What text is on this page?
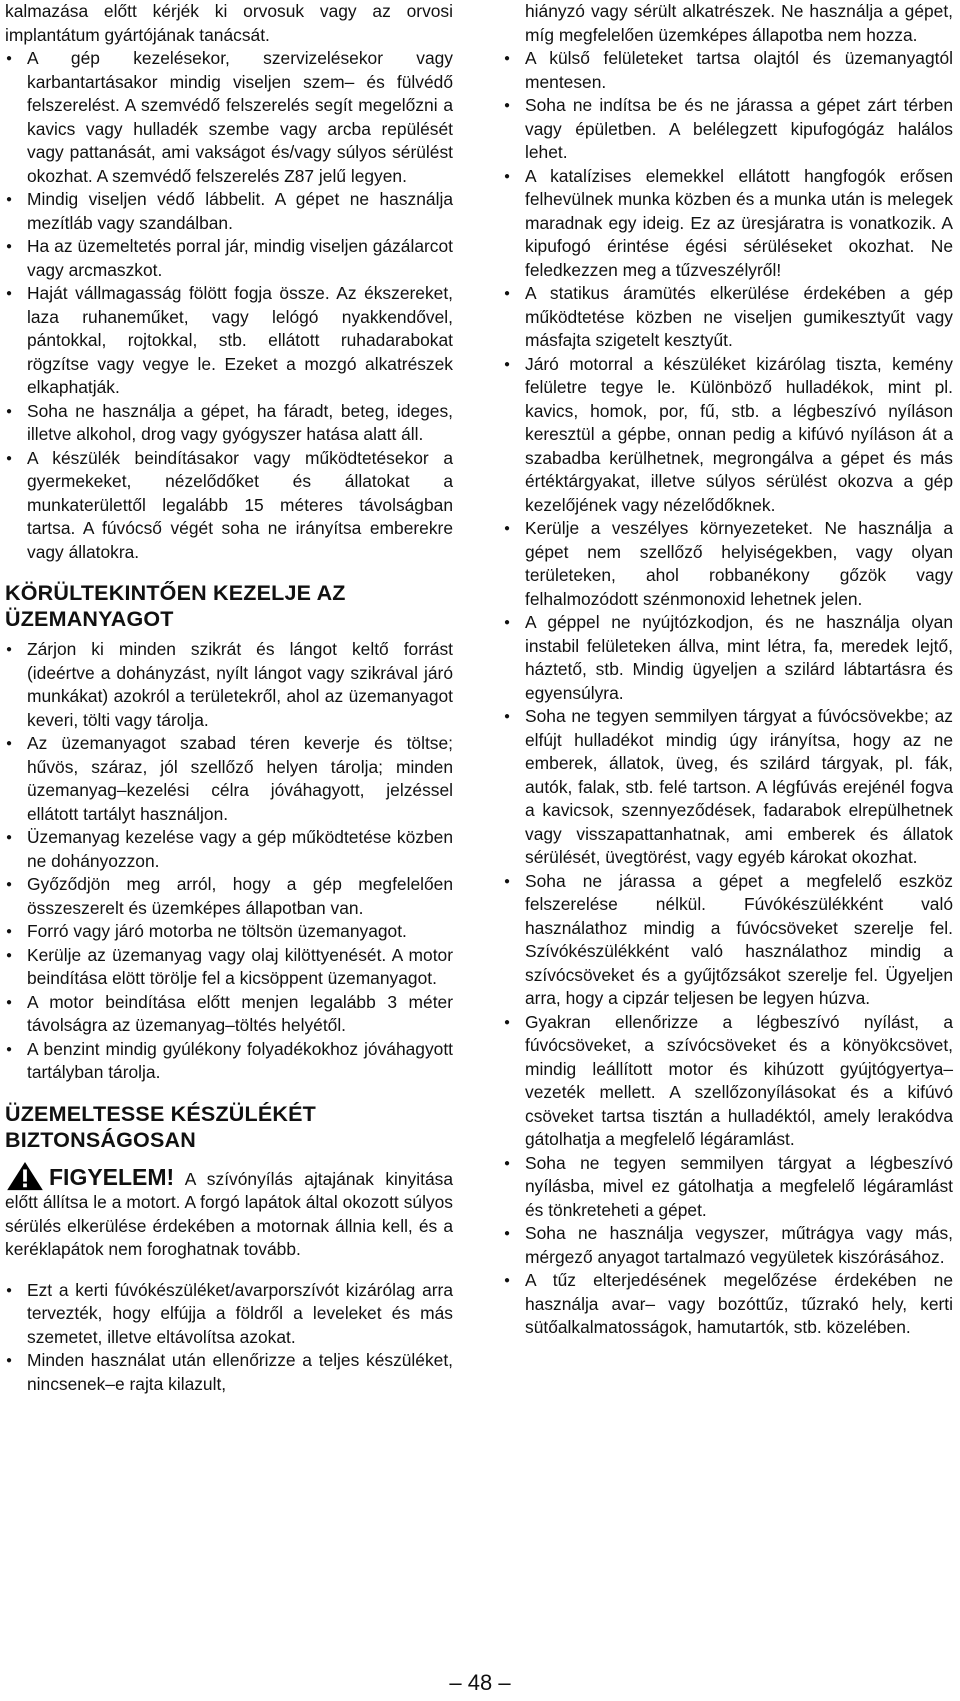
kalmazása előtt kérjék ki orvosuk vagy az orvosi implantátum gyártójának tanácsát.

● A gép kezelésekor, szervizelésekor vagy karbantartásakor mindig viseljen szem– és fülvédő felszerelést. A szemvédő felszerelés segít megelőzni a kavics vagy hulladék szembe vagy arcba repülését vagy pattanását, ami vakságot és/vagy súlyos sérülést okozhat. A szemvédő felszerelés Z87 jelű legyen.

● Mindig viseljen védő lábbelit. A gépet ne használja mezítláb vagy szandálban.

● Ha az üzemeltetés porral jár, mindig viseljen gázálarcot vagy arcmaszkot.

● Haját vállmagasság fölött fogja össze. Az ékszereket, laza ruhaneműket, vagy lelógó nyakkendővel, pántokkal, rojtokkal, stb. ellátott ruhadarabokat rögzítse vagy vegye le. Ezeket a mozgó alkatrészek elkaphatják.

● Soha ne használja a gépet, ha fáradt, beteg, ideges, illetve alkohol, drog vagy gyógyszer hatása alatt áll.

● A készülék beindításakor vagy működtetésekor a gyermekeket, nézelődőket és állatokat a munkaterülettől legalább 15 méteres távolságban tartsa. A fúvócső végét soha ne irányítsa emberekre vagy állatokra.

KÖRÜLTEKINTŐEN KEZELJE AZ ÜZEMANYAGOT

● Zárjon ki minden szikrát és lángot keltő forrást (ideértve a dohányzást, nyílt lángot vagy szikrával járó munkákat) azokról a területekről, ahol az üzemanyagot keveri, tölti vagy tárolja.

● Az üzemanyagot szabad téren keverje és töltse; hűvös, száraz, jól szellőző helyen tárolja; minden üzemanyag–kezelési célra jóváhagyott, jelzéssel ellátott tartályt használjon.

● Üzemanyag kezelése vagy a gép működtetése közben ne dohányozzon.

● Győződjön meg arról, hogy a gép megfelelően összeszerelt és üzemképes állapotban van.

● Forró vagy járó motorba ne töltsön üzemanyagot.

● Kerülje az üzemanyag vagy olaj kilöttyenését. A motor beindítása elött törölje fel a kicsöppent üzemanyagot.

● A motor beindítása előtt menjen legalább 3 méter távolságra az üzemanyag–töltés helyétől.

● A benzint mindig gyúlékony folyadékokhoz jóváhagyott tartályban tárolja.

ÜZEMELTESSE KÉSZÜLÉKÉT BIZTONSÁGOSAN

FIGYELEM! A szívónyílás ajtajának kinyitása előtt állítsa le a motort. A forgó lapátok által okozott súlyos sérülés elkerülése érdekében a motornak állnia kell, és a keréklapátok nem foroghatnak tovább.

● Ezt a kerti fúvókészüléket/avarporszívót kizárólag arra tervezték, hogy elfújja a földről a leveleket és más szemetet, illetve eltávolítsa azokat.

● Minden használat után ellenőrizze a teljes készüléket, nincsenek–e rajta kilazult,

hiányzó vagy sérült alkatrészek. Ne használja a gépet, míg megfelelően üzemképes állapotba nem hozza.

● A külső felületeket tartsa olajtól és üzemanyagtól mentesen.

● Soha ne indítsa be és ne járassa a gépet zárt térben vagy épületben. A belélegzett kipufogógáz halálos lehet.

● A katalízises elemekkel ellátott hangfogók erősen felhevülnek munka közben és a munka után is melegek maradnak egy ideig. Ez az üresjáratra is vonatkozik. A kipufogó érintése égési sérüléseket okozhat. Ne feledkezzen meg a tűzveszélyről!

● A statikus áramütés elkerülése érdekében a gép működtetése közben ne viseljen gumikesztyűt vagy másfajta szigetelt kesztyűt.

● Járó motorral a készüléket kizárólag tiszta, kemény felületre tegye le. Különböző hulladékok, mint pl. kavics, homok, por, fű, stb. a légbeszívó nyíláson keresztül a gépbe, onnan pedig a kifúvó nyíláson át a szabadba kerülhetnek, megrongálva a gépet és más értéktárgyakat, illetve súlyos sérülést okozva a gép kezelőjének vagy nézelődőknek.

● Kerülje a veszélyes környezeteket. Ne használja a gépet nem szellőző helyiségekben, vagy olyan területeken, ahol robbanékony gőzök vagy felhalmozódott szénmonoxid lehetnek jelen.

● A géppel ne nyújtózkodjon, és ne használja olyan instabil felületeken állva, mint létra, fa, meredek lejtő, háztető, stb. Mindig ügyeljen a szilárd lábtartásra és egyensúlyra.

● Soha ne tegyen semmilyen tárgyat a fúvócsövekbe; az elfújt hulladékot mindig úgy irányítsa, hogy az ne emberek, állatok, üveg, és szilárd tárgyak, pl. fák, autók, falak, stb. felé tartson. A légfúvás erejénél fogva a kavicsok, szennyeződések, fadarabok elrepülhetnek vagy visszapattanhatnak, ami emberek és állatok sérülését, üvegtörést, vagy egyéb károkat okozhat.

● Soha ne járassa a gépet a megfelelő eszköz felszerelése nélkül. Fúvókészülékként való használathoz mindig a fúvócsöveket szerelje fel. Szívókészülékként való használathoz mindig a szívócsöveket és a gyűjtőzsákot szerelje fel. Ügyeljen arra, hogy a cipzár teljesen be legyen húzva.

● Gyakran ellenőrizze a légbeszívó nyílást, a fúvócsöveket, a szívócsöveket és a könyökcsövet, mindig leállított motor és kihúzott gyújtógyertya–vezeték mellett. A szellőzonyílásokat és a kifúvó csöveket tartsa tisztán a hulladéktól, amely lerakódva gátolhatja a megfelelő légáramlást.

● Soha ne tegyen semmilyen tárgyat a légbeszívó nyílásba, mivel ez gátolhatja a megfelelő légáramlást és tönkreteheti a gépet.

● Soha ne használja vegyszer, műtrágya vagy más, mérgező anyagot tartalmazó vegyületek kiszórásához.

● A tűz elterjedésének megelőzése érdekében ne használja avar– vagy bozóttűz, tűzrakó hely, kerti sütőalkalmatosságok, hamutartók, stb. közelében.

– 48 –
